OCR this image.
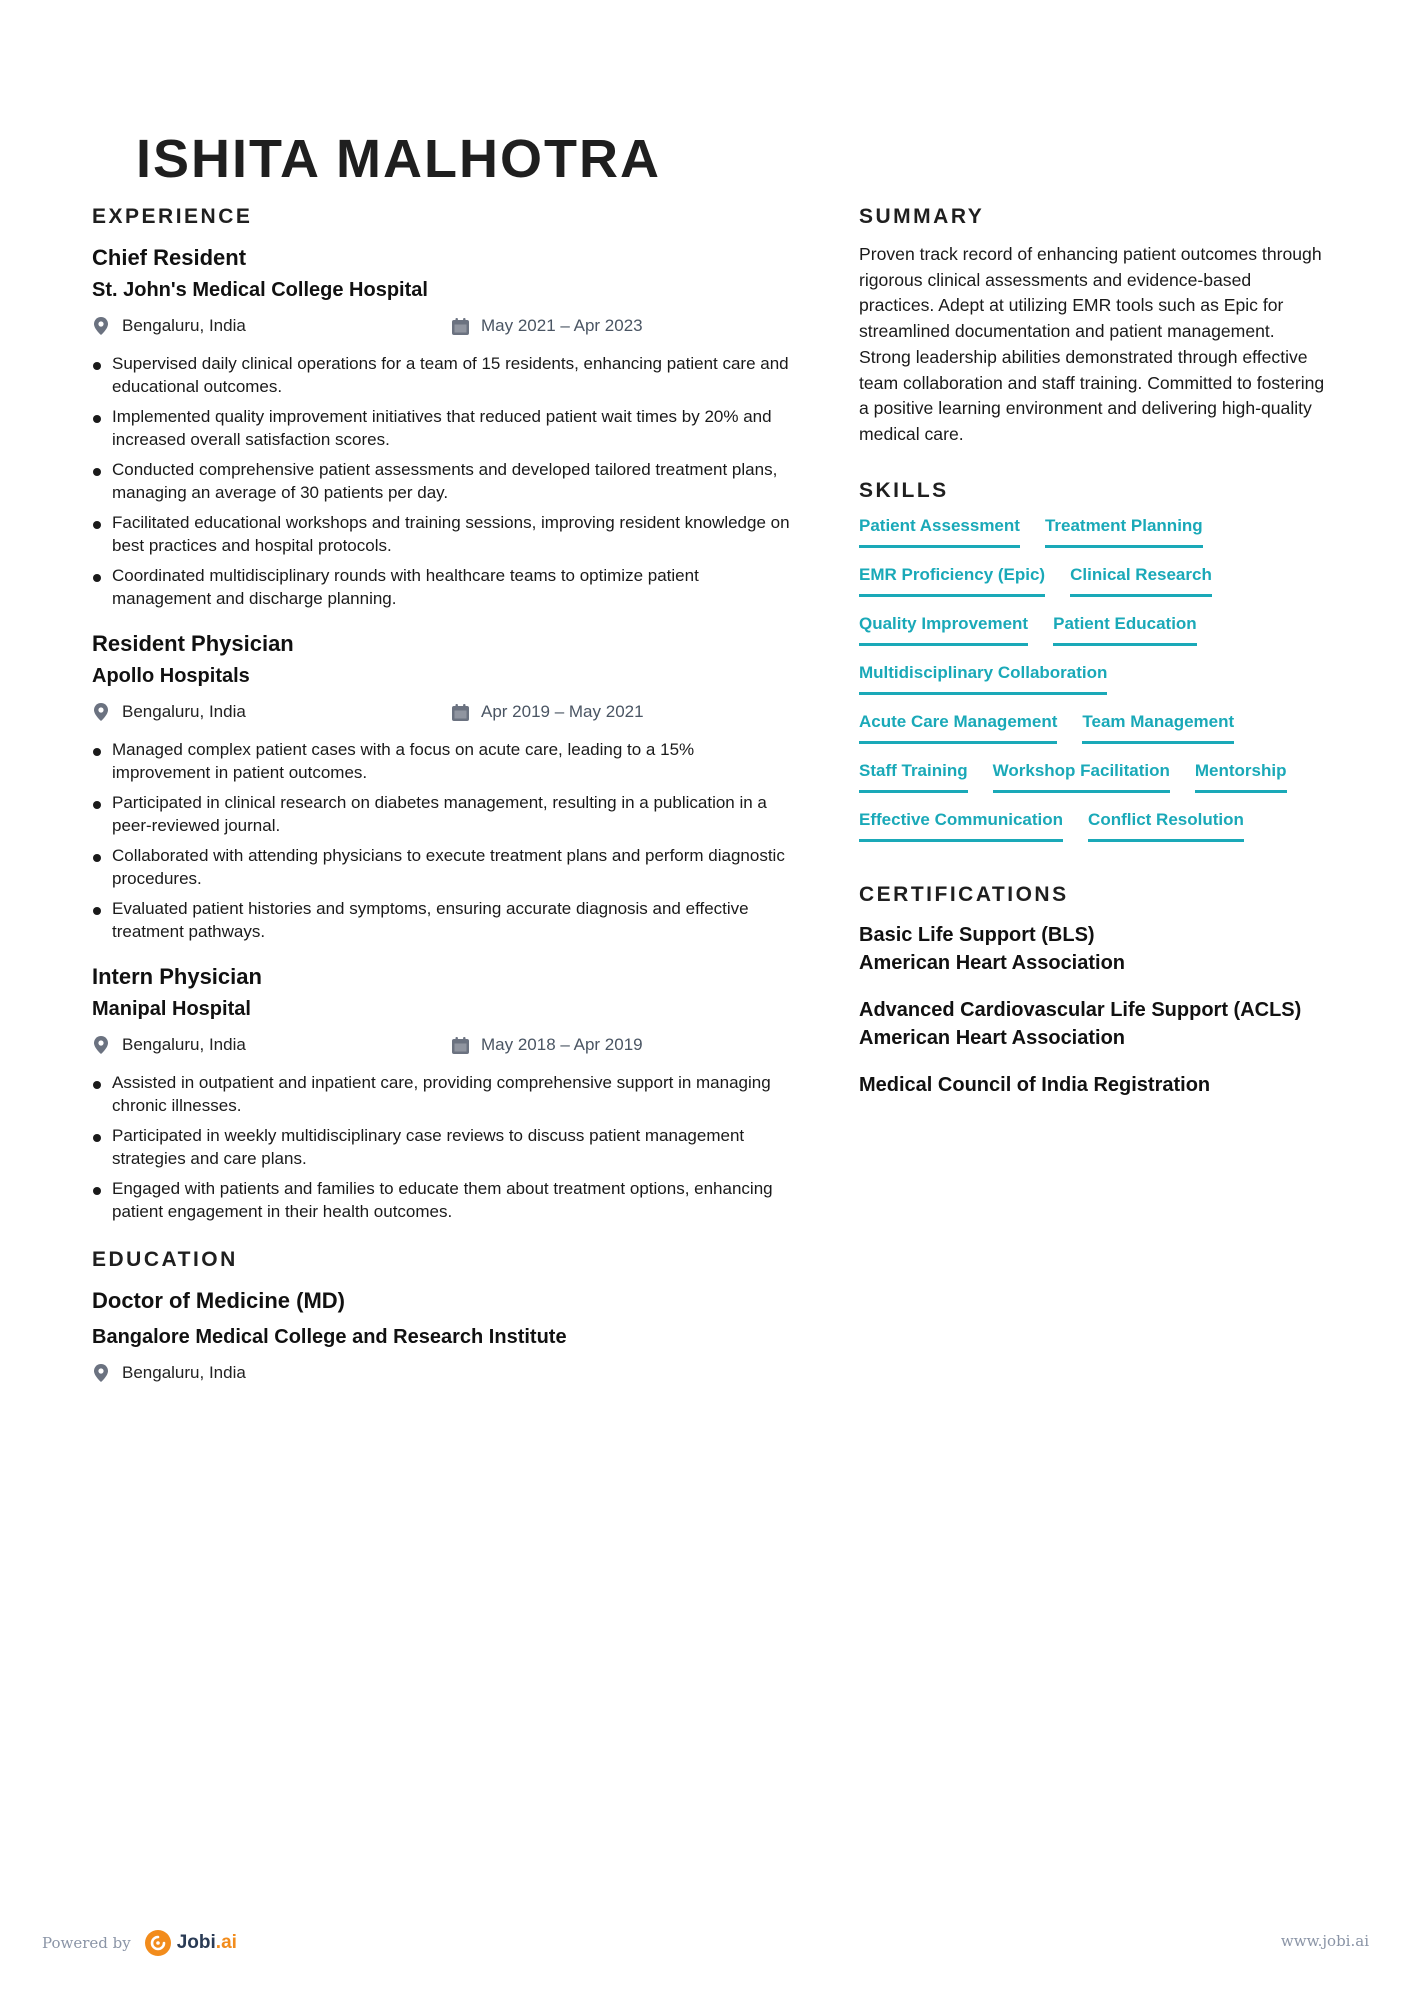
ISHITA MALHOTRA
EXPERIENCE
Chief Resident
St. John's Medical College Hospital
Bengaluru, India	May 2021 – Apr 2023
Supervised daily clinical operations for a team of 15 residents, enhancing patient care and educational outcomes.
Implemented quality improvement initiatives that reduced patient wait times by 20% and increased overall satisfaction scores.
Conducted comprehensive patient assessments and developed tailored treatment plans, managing an average of 30 patients per day.
Facilitated educational workshops and training sessions, improving resident knowledge on best practices and hospital protocols.
Coordinated multidisciplinary rounds with healthcare teams to optimize patient management and discharge planning.
Resident Physician
Apollo Hospitals
Bengaluru, India	Apr 2019 – May 2021
Managed complex patient cases with a focus on acute care, leading to a 15% improvement in patient outcomes.
Participated in clinical research on diabetes management, resulting in a publication in a peer-reviewed journal.
Collaborated with attending physicians to execute treatment plans and perform diagnostic procedures.
Evaluated patient histories and symptoms, ensuring accurate diagnosis and effective treatment pathways.
Intern Physician
Manipal Hospital
Bengaluru, India	May 2018 – Apr 2019
Assisted in outpatient and inpatient care, providing comprehensive support in managing chronic illnesses.
Participated in weekly multidisciplinary case reviews to discuss patient management strategies and care plans.
Engaged with patients and families to educate them about treatment options, enhancing patient engagement in their health outcomes.
EDUCATION
Doctor of Medicine (MD)
Bangalore Medical College and Research Institute
Bengaluru, India
SUMMARY

Proven track record of enhancing patient outcomes through rigorous clinical assessments and evidence-based practices. Adept at utilizing EMR tools such as Epic for streamlined documentation and patient management. Strong leadership abilities demonstrated through effective team collaboration and staff training. Committed to fostering a positive learning environment and delivering high-quality medical care.

SKILLS
Patient Assessment Treatment Planning
EMR Proficiency (Epic) Clinical Research
Quality Improvement Patient Education
Multidisciplinary Collaboration
Acute Care Management Team Management
Staff Training Workshop Facilitation Mentorship
Effective Communication Conflict Resolution
CERTIFICATIONS
Basic Life Support (BLS)
American Heart Association
Advanced Cardiovascular Life Support (ACLS)
American Heart Association
Medical Council of India Registration
Powered by Jobi.ai	www.jobi.ai
